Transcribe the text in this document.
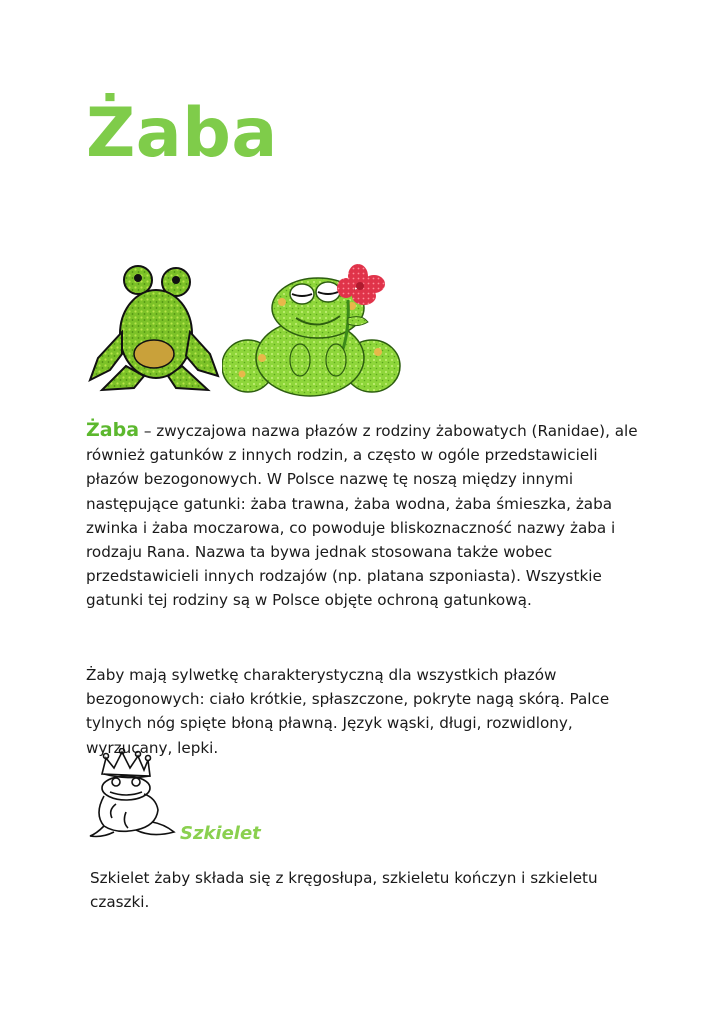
Żaba
Żaba – zwyczajowa nazwa płazów z rodziny żabowatych (Ranidae), ale również gatunków z innych rodzin, a często w ogóle przedstawicieli płazów bezogonowych. W Polsce nazwę tę noszą między innymi następujące gatunki: żaba trawna, żaba wodna, żaba śmieszka, żaba zwinka i żaba moczarowa, co powoduje bliskoznaczność nazwy żaba i rodzaju Rana. Nazwa ta bywa jednak stosowana także wobec przedstawicieli innych rodzajów (np. platana szponiasta). Wszystkie gatunki tej rodziny są w Polsce objęte ochroną gatunkową.
Żaby mają sylwetkę charakterystyczną dla wszystkich płazów bezogonowych: ciało krótkie, spłaszczone, pokryte nagą skórą. Palce tylnych nóg spięte błoną pławną. Język wąski, długi, rozwidlony, wyrzucany, lepki.
Szkielet
Szkielet żaby składa się z kręgosłupa, szkieletu kończyn i szkieletu czaszki.
